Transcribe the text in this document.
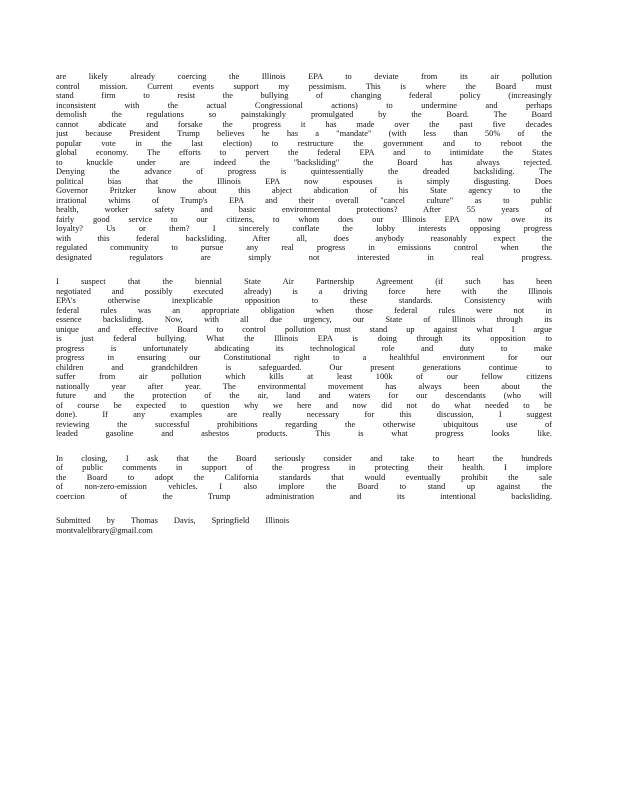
are likely already coercing the Illinois EPA to deviate from its air pollution
control mission. Current events support my pessimism. This is where the Board must
stand firm to resist the bullying of changing federal policy (increasingly
inconsistent with the actual Congressional actions) to undermine and perhaps
demolish the regulations so painstakingly promulgated by the Board. The Board
cannot abdicate and forsake the progress it has made over the past five decades
just because President Trump believes he has a "mandate" (with less than 50% of the
popular vote in the last election) to restructure the government and to reboot the
global economy. The efforts to pervert the federal EPA and to intimidate the States
to knuckle under are indeed the "backsliding" the Board has always rejected.
Denying the advance of progress is quintessentially the dreaded backsliding. The
political bias that the Illinois EPA now espouses is simply disgusting. Does
Governor Pritzker know about this abject abdication of his State agency to the
irrational whims of Trump's EPA and their overall "cancel culture" as to public
health, worker safety and basic environmental protections? After 55 years of
fairly good service to our citizens, to whom does our Illinois EPA now owe its
loyalty? Us or them? I sincerely conflate the lobby interests opposing progress
with this federal backsliding. After all, does anybody reasonably expect the
regulated community to pursue any real progress in emissions control when the
designated regulators are simply not interested in real progress.
I suspect that the biennial State Air Partnership Agreement (if such has been
negotiated and possibly executed already) is a driving force here with the Illinois
EPA's otherwise inexplicable opposition to these standards. Consistency with
federal rules was an appropriate obligation when those federal rules were not in
essence backsliding. Now, with all due urgency, our State of Illinois through its
unique and effective Board to control pollution must stand up against what I argue
is just federal bullying. What the Illinois EPA is doing through its opposition to
progress is unfortunately abdicating its technological role and duty to make
progress in ensuring our Constitutional right to a healthful environment for our
children and grandchildren is safeguarded. Our present generations continue to
suffer from air pollution which kills at least 100k of our fellow citizens
nationally year after year. The environmental movement has always been about the
future and the protection of the air, land and waters for our descendants (who will
of course be expected to question why we here and now did not do what needed to be
done). If any examples are really necessary for this discussion, I suggest
reviewing the successful prohibitions regarding the otherwise ubiquitous use of
leaded gasoline and asbestos products. This is what progress looks like.
In closing, I ask that the Board seriously consider and take to heart the hundreds
of public comments in support of the progress in protecting their health. I implore
the Board to adopt the California standards that would eventually prohibit the sale
of non-zero-emission vehicles. I also implore the Board to stand up against the
coercion of the Trump administration and its intentional backsliding.
Submitted by Thomas Davis, Springfield Illinois
montvalelibrary@gmail.com
